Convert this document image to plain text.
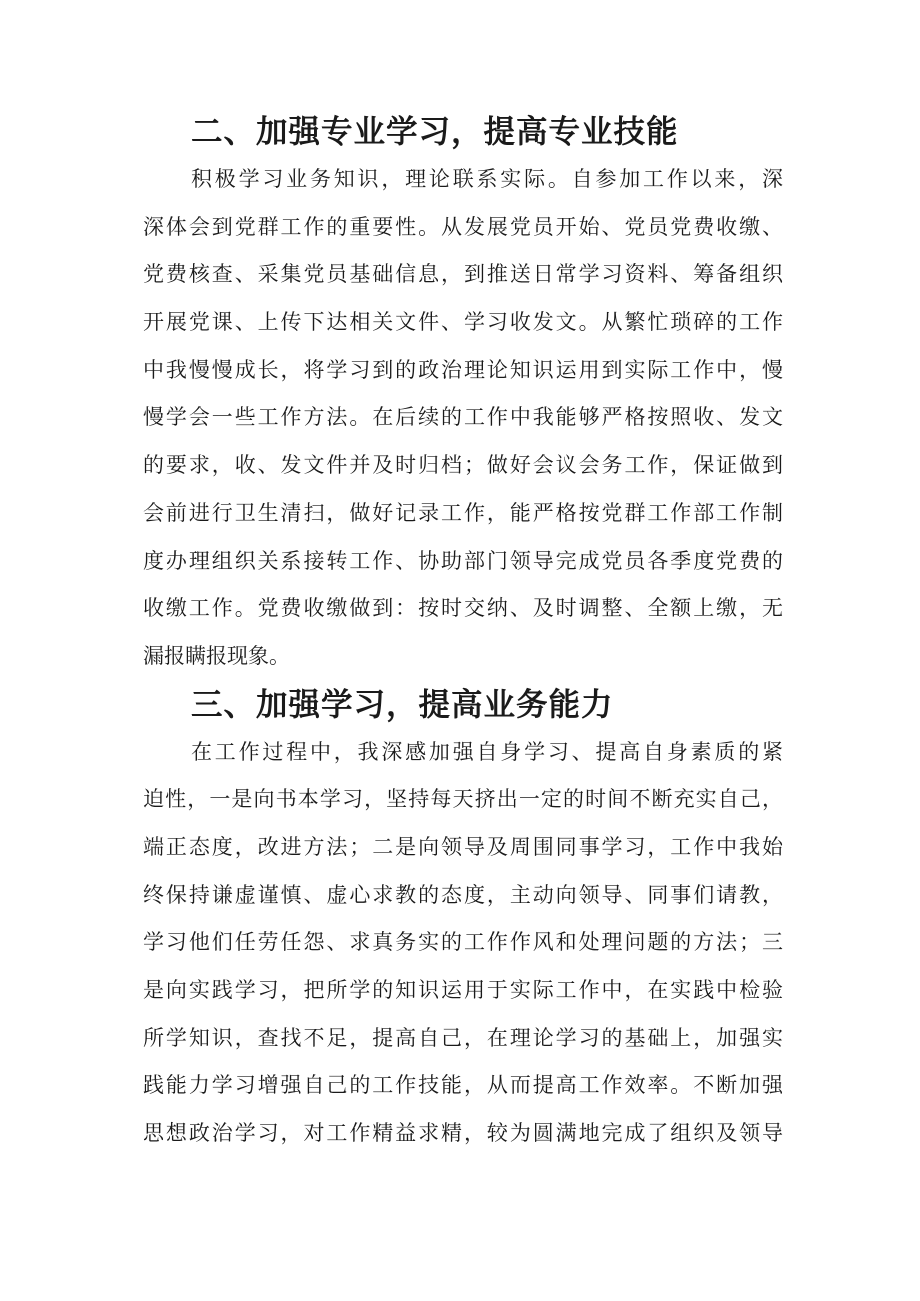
二、加强专业学习，提高专业技能
积极学习业务知识，理论联系实际。自参加工作以来，深
深体会到党群工作的重要性。从发展党员开始、党员党费收缴、
党费核查、采集党员基础信息，到推送日常学习资料、筹备组织
开展党课、上传下达相关文件、学习收发文。从繁忙琐碎的工作
中我慢慢成长，将学习到的政治理论知识运用到实际工作中，慢
慢学会一些工作方法。在后续的工作中我能够严格按照收、发文
的要求，收、发文件并及时归档；做好会议会务工作，保证做到
会前进行卫生清扫，做好记录工作，能严格按党群工作部工作制
度办理组织关系接转工作、协助部门领导完成党员各季度党费的
收缴工作。党费收缴做到：按时交纳、及时调整、全额上缴，无
漏报瞒报现象。
三、加强学习，提高业务能力
在工作过程中，我深感加强自身学习、提高自身素质的紧
迫性，一是向书本学习，坚持每天挤出一定的时间不断充实自己，
端正态度，改进方法；二是向领导及周围同事学习，工作中我始
终保持谦虚谨慎、虚心求教的态度，主动向领导、同事们请教，
学习他们任劳任怨、求真务实的工作作风和处理问题的方法；三
是向实践学习，把所学的知识运用于实际工作中，在实践中检验
所学知识，查找不足，提高自己，在理论学习的基础上，加强实
践能力学习增强自己的工作技能，从而提高工作效率。不断加强
思想政治学习，对工作精益求精，较为圆满地完成了组织及领导
